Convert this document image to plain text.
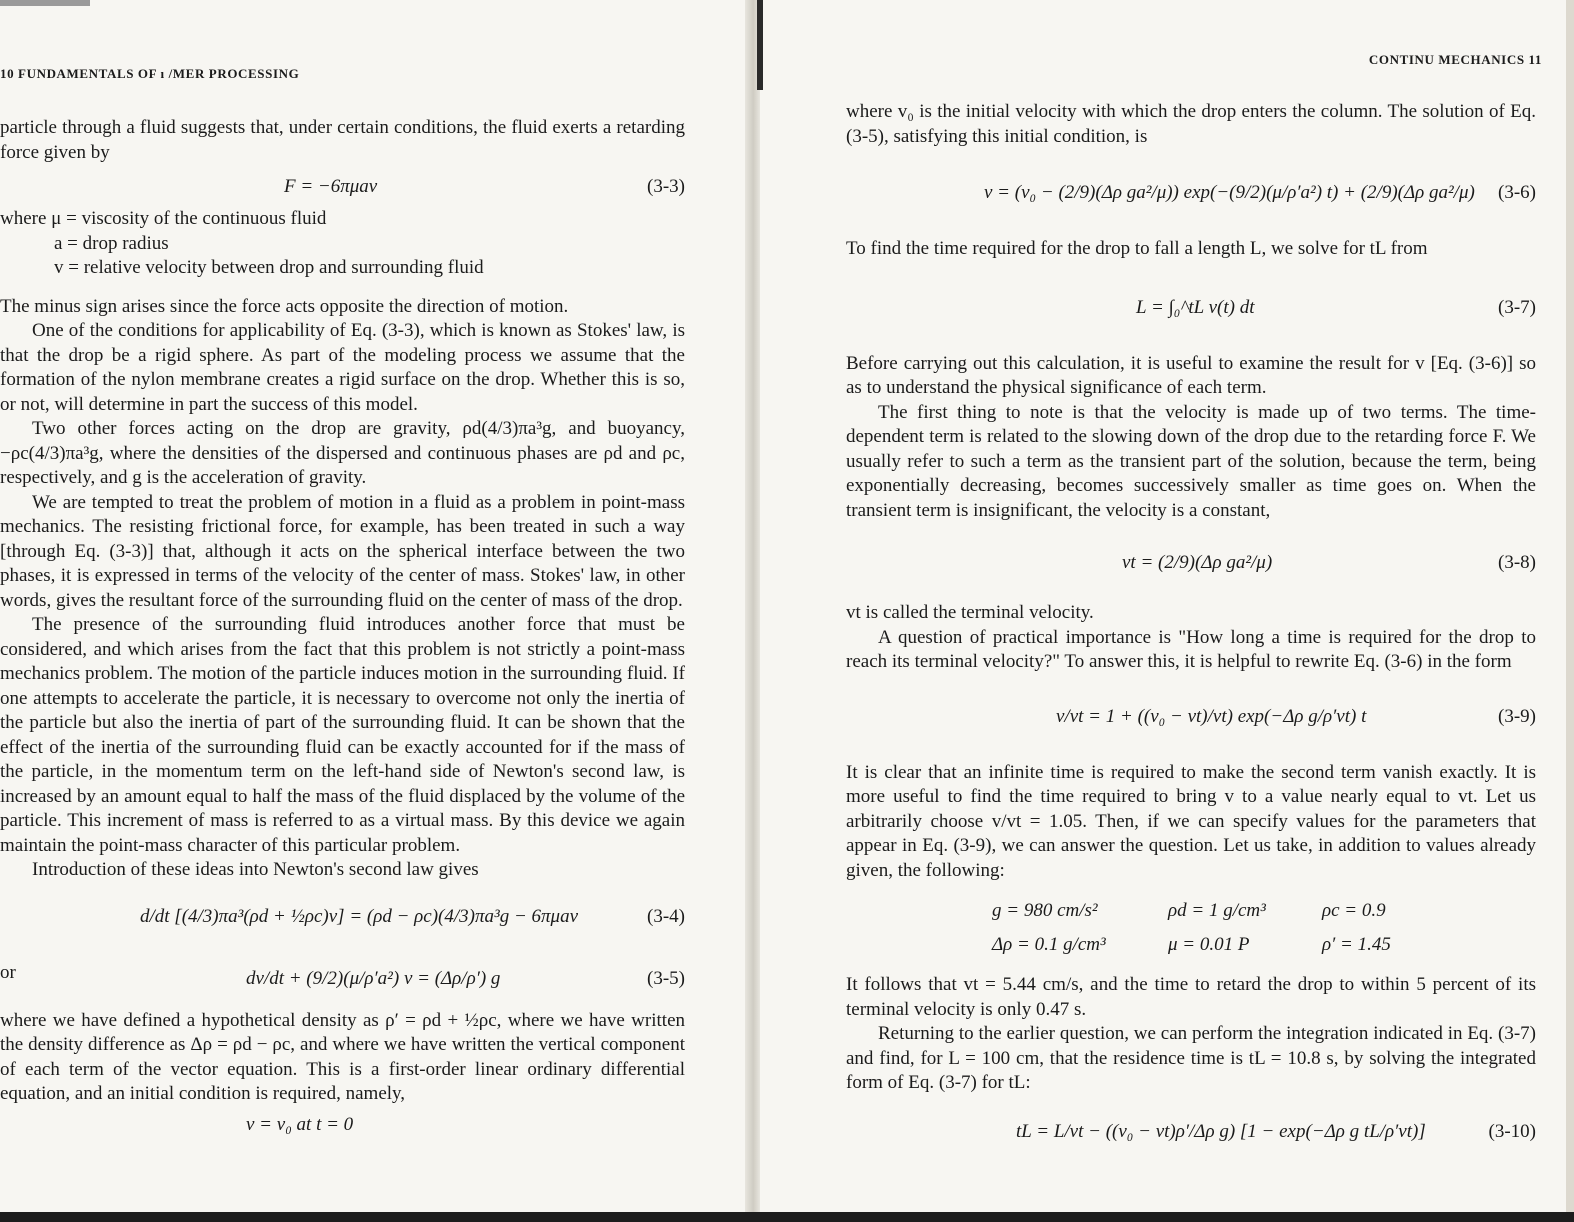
10 FUNDAMENTALS OF ı /MER PROCESSING

particle through a fluid suggests that, under certain conditions, the fluid exerts a retarding force given by

F = −6πμav	(3-3)

where μ = viscosity of the continuous fluid

a = drop radius

v = relative velocity between drop and surrounding fluid

The minus sign arises since the force acts opposite the direction of motion.

One of the conditions for applicability of Eq. (3-3), which is known as Stokes' law, is that the drop be a rigid sphere. As part of the modeling process we assume that the formation of the nylon membrane creates a rigid surface on the drop. Whether this is so, or not, will determine in part the success of this model.

Two other forces acting on the drop are gravity, ρd(4/3)πa³g, and buoyancy, −ρc(4/3)πa³g, where the densities of the dispersed and continuous phases are ρd and ρc, respectively, and g is the acceleration of gravity.

We are tempted to treat the problem of motion in a fluid as a problem in point-mass mechanics. The resisting frictional force, for example, has been treated in such a way [through Eq. (3-3)] that, although it acts on the spherical interface between the two phases, it is expressed in terms of the velocity of the center of mass. Stokes' law, in other words, gives the resultant force of the surrounding fluid on the center of mass of the drop.

The presence of the surrounding fluid introduces another force that must be considered, and which arises from the fact that this problem is not strictly a point-mass mechanics problem. The motion of the particle induces motion in the surrounding fluid. If one attempts to accelerate the particle, it is necessary to overcome not only the inertia of the particle but also the inertia of part of the surrounding fluid. It can be shown that the effect of the inertia of the surrounding fluid can be exactly accounted for if the mass of the particle, in the momentum term on the left-hand side of Newton's second law, is increased by an amount equal to half the mass of the fluid displaced by the volume of the particle. This increment of mass is referred to as a virtual mass. By this device we again maintain the point-mass character of this particular problem.

Introduction of these ideas into Newton's second law gives

d/dt [(4/3)πa³(ρd + ½ρc)v] = (ρd − ρc)(4/3)πa³g − 6πμav	(3-4)
or	dv/dt + (9/2)(μ/ρ′a²) v = (Δρ/ρ′) g	(3-5)

where we have defined a hypothetical density as ρ′ = ρd + ½ρc, where we have written the density difference as Δρ = ρd − ρc, and where we have written the vertical component of each term of the vector equation. This is a first-order linear ordinary differential equation, and an initial condition is required, namely,

v = v₀ at t = 0
CONTINU MECHANICS 11

where v₀ is the initial velocity with which the drop enters the column. The solution of Eq. (3-5), satisfying this initial condition, is

v = (v₀ − (2/9)(Δρ ga²/μ)) exp(−(9/2)(μ/ρ′a²) t) + (2/9)(Δρ ga²/μ) (3-6)

To find the time required for the drop to fall a length L, we solve for tL from

L = ∫₀^tL v(t) dt	(3-7)

Before carrying out this calculation, it is useful to examine the result for v [Eq. (3-6)] so as to understand the physical significance of each term.

The first thing to note is that the velocity is made up of two terms. The time-dependent term is related to the slowing down of the drop due to the retarding force F. We usually refer to such a term as the transient part of the solution, because the term, being exponentially decreasing, becomes successively smaller as time goes on. When the transient term is insignificant, the velocity is a constant,

vt = (2/9)(Δρ ga²/μ)	(3-8)

vt is called the terminal velocity.

A question of practical importance is "How long a time is required for the drop to reach its terminal velocity?" To answer this, it is helpful to rewrite Eq. (3-6) in the form

v/vt = 1 + ((v₀ − vt)/vt) exp(−Δρ g/ρ′vt) t	(3-9)

It is clear that an infinite time is required to make the second term vanish exactly. It is more useful to find the time required to bring v to a value nearly equal to vt. Let us arbitrarily choose v/vt = 1.05. Then, if we can specify values for the parameters that appear in Eq. (3-9), we can answer the question. Let us take, in addition to values already given, the following:

g = 980 cm/s²	ρd = 1 g/cm³	ρc = 0.9
Δρ = 0.1 g/cm³	μ = 0.01 P	ρ′ = 1.45

It follows that vt = 5.44 cm/s, and the time to retard the drop to within 5 percent of its terminal velocity is only 0.47 s.

Returning to the earlier question, we can perform the integration indicated in Eq. (3-7) and find, for L = 100 cm, that the residence time is tL = 10.8 s, by solving the integrated form of Eq. (3-7) for tL:

tL = L/vt − ((v₀ − vt)ρ′/Δρ g) [1 − exp(−Δρ g tL/ρ′vt)]	(3-10)
